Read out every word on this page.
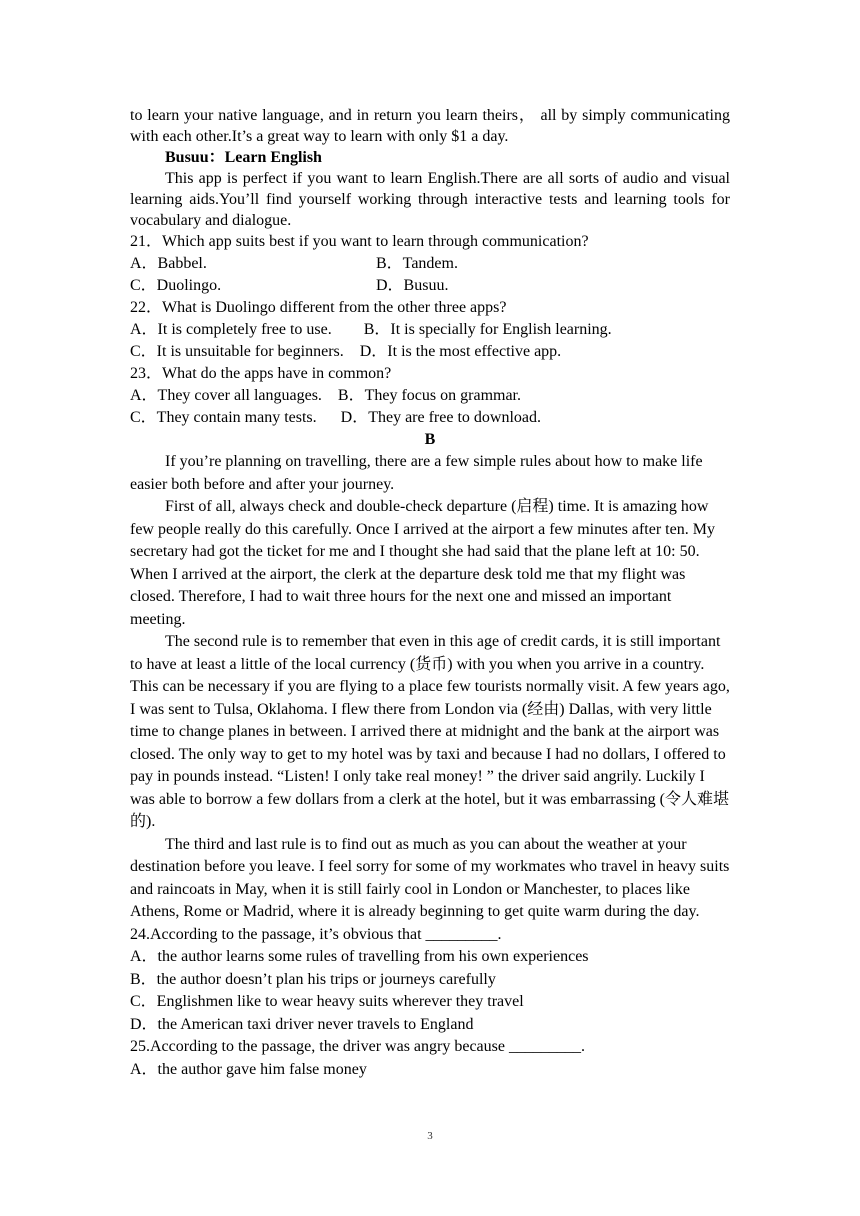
to learn your native language, and in return you learn theirs， all by simply communicating with each other.It’s a great way to learn with only $1 a day.

Busuu：Learn English

This app is perfect if you want to learn English.There are all sorts of audio and visual learning aids.You’ll find yourself working through interactive tests and learning tools for vocabulary and dialogue.

21．Which app suits best if you want to learn through communication?

A．Babbel.	B．Tandem.
C．Duolingo.	D．Busuu.

22．What is Duolingo different from the other three apps?

A．It is completely free to use.        B．It is specially for English learning.

C．It is unsuitable for beginners.    D．It is the most effective app.

23．What do the apps have in common?

A．They cover all languages.    B．They focus on grammar.

C．They contain many tests.      D．They are free to download.

B

If you’re planning on travelling, there are a few simple rules about how to make life easier both before and after your journey.

First of all, always check and double-check departure (启程) time. It is amazing how few people really do this carefully. Once I arrived at the airport a few minutes after ten. My secretary had got the ticket for me and I thought she had said that the plane left at 10: 50. When I arrived at the airport, the clerk at the departure desk told me that my flight was closed. Therefore, I had to wait three hours for the next one and missed an important meeting.

The second rule is to remember that even in this age of credit cards, it is still important to have at least a little of the local currency (货币) with you when you arrive in a country. This can be necessary if you are flying to a place few tourists normally visit. A few years ago, I was sent to Tulsa, Oklahoma. I flew there from London via (经由) Dallas, with very little time to change planes in between. I arrived there at midnight and the bank at the airport was closed. The only way to get to my hotel was by taxi and because I had no dollars, I offered to pay in pounds instead. “Listen! I only take real money! ” the driver said angrily. Luckily I was able to borrow a few dollars from a clerk at the hotel, but it was embarrassing (令人难堪的).

The third and last rule is to find out as much as you can about the weather at your destination before you leave. I feel sorry for some of my workmates who travel in heavy suits and raincoats in May, when it is still fairly cool in London or Manchester, to places like Athens, Rome or Madrid, where it is already beginning to get quite warm during the day.

24.According to the passage, it’s obvious that _________.

A．the author learns some rules of travelling from his own experiences

B．the author doesn’t plan his trips or journeys carefully

C．Englishmen like to wear heavy suits wherever they travel

D．the American taxi driver never travels to England

25.According to the passage, the driver was angry because _________.

A．the author gave him false money

3
